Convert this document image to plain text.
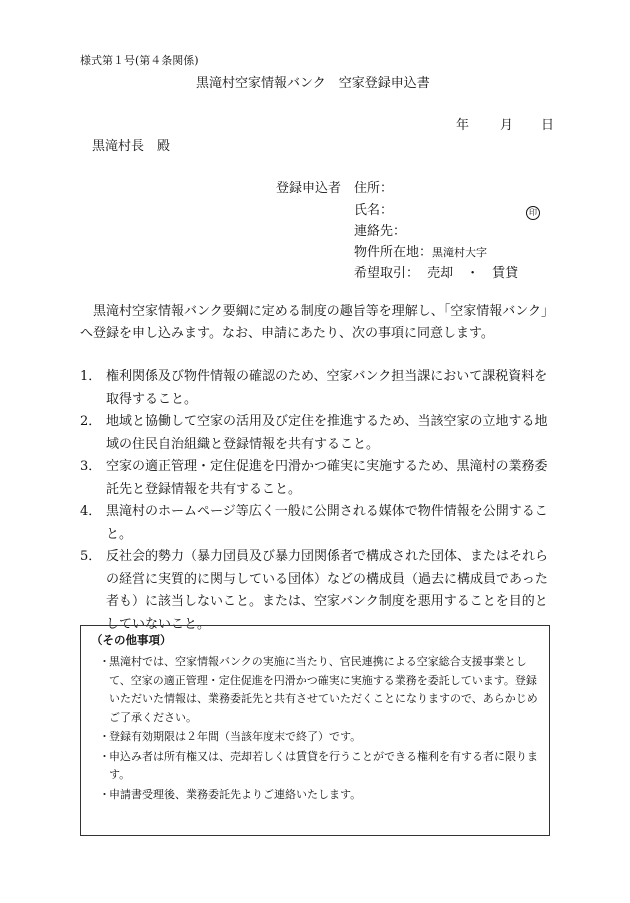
様式第１号(第４条関係)
黒滝村空家情報バンク　空家登録申込書
年 月 日
黒滝村長　殿
登録申込者 住所：
氏名：	印
連絡先：
物件所在地：黒滝村大字
希望取引： 売却　・　賃貸
黒滝村空家情報バンク要綱に定める制度の趣旨等を理解し、「空家情報バンク」
へ登録を申し込みます。なお、申請にあたり、次の事項に同意します。
1． 権利関係及び物件情報の確認のため、空家バンク担当課において課税資料を取得すること。
2． 地域と協働して空家の活用及び定住を推進するため、当該空家の立地する地域の住民自治組織と登録情報を共有すること。
3． 空家の適正管理・定住促進を円滑かつ確実に実施するため、黒滝村の業務委託先と登録情報を共有すること。
4． 黒滝村のホームページ等広く一般に公開される媒体で物件情報を公開すること。
5． 反社会的勢力（暴力団員及び暴力団関係者で構成された団体、またはそれらの経営に実質的に関与している団体）などの構成員（過去に構成員であった者も）に該当しないこと。または、空家バンク制度を悪用することを目的としていないこと。
（その他事項）
・ 黒滝村では、空家情報バンクの実施に当たり、官民連携による空家総合支援事業として、空家の適正管理・定住促進を円滑かつ確実に実施する業務を委託しています。登録いただいた情報は、業務委託先と共有させていただくことになりますので、あらかじめご了承ください。
・ 登録有効期限は２年間（当該年度末で終了）です。
・ 申込み者は所有権又は、売却若しくは賃貸を行うことができる権利を有する者に限ります。
・ 申請書受理後、業務委託先よりご連絡いたします。
